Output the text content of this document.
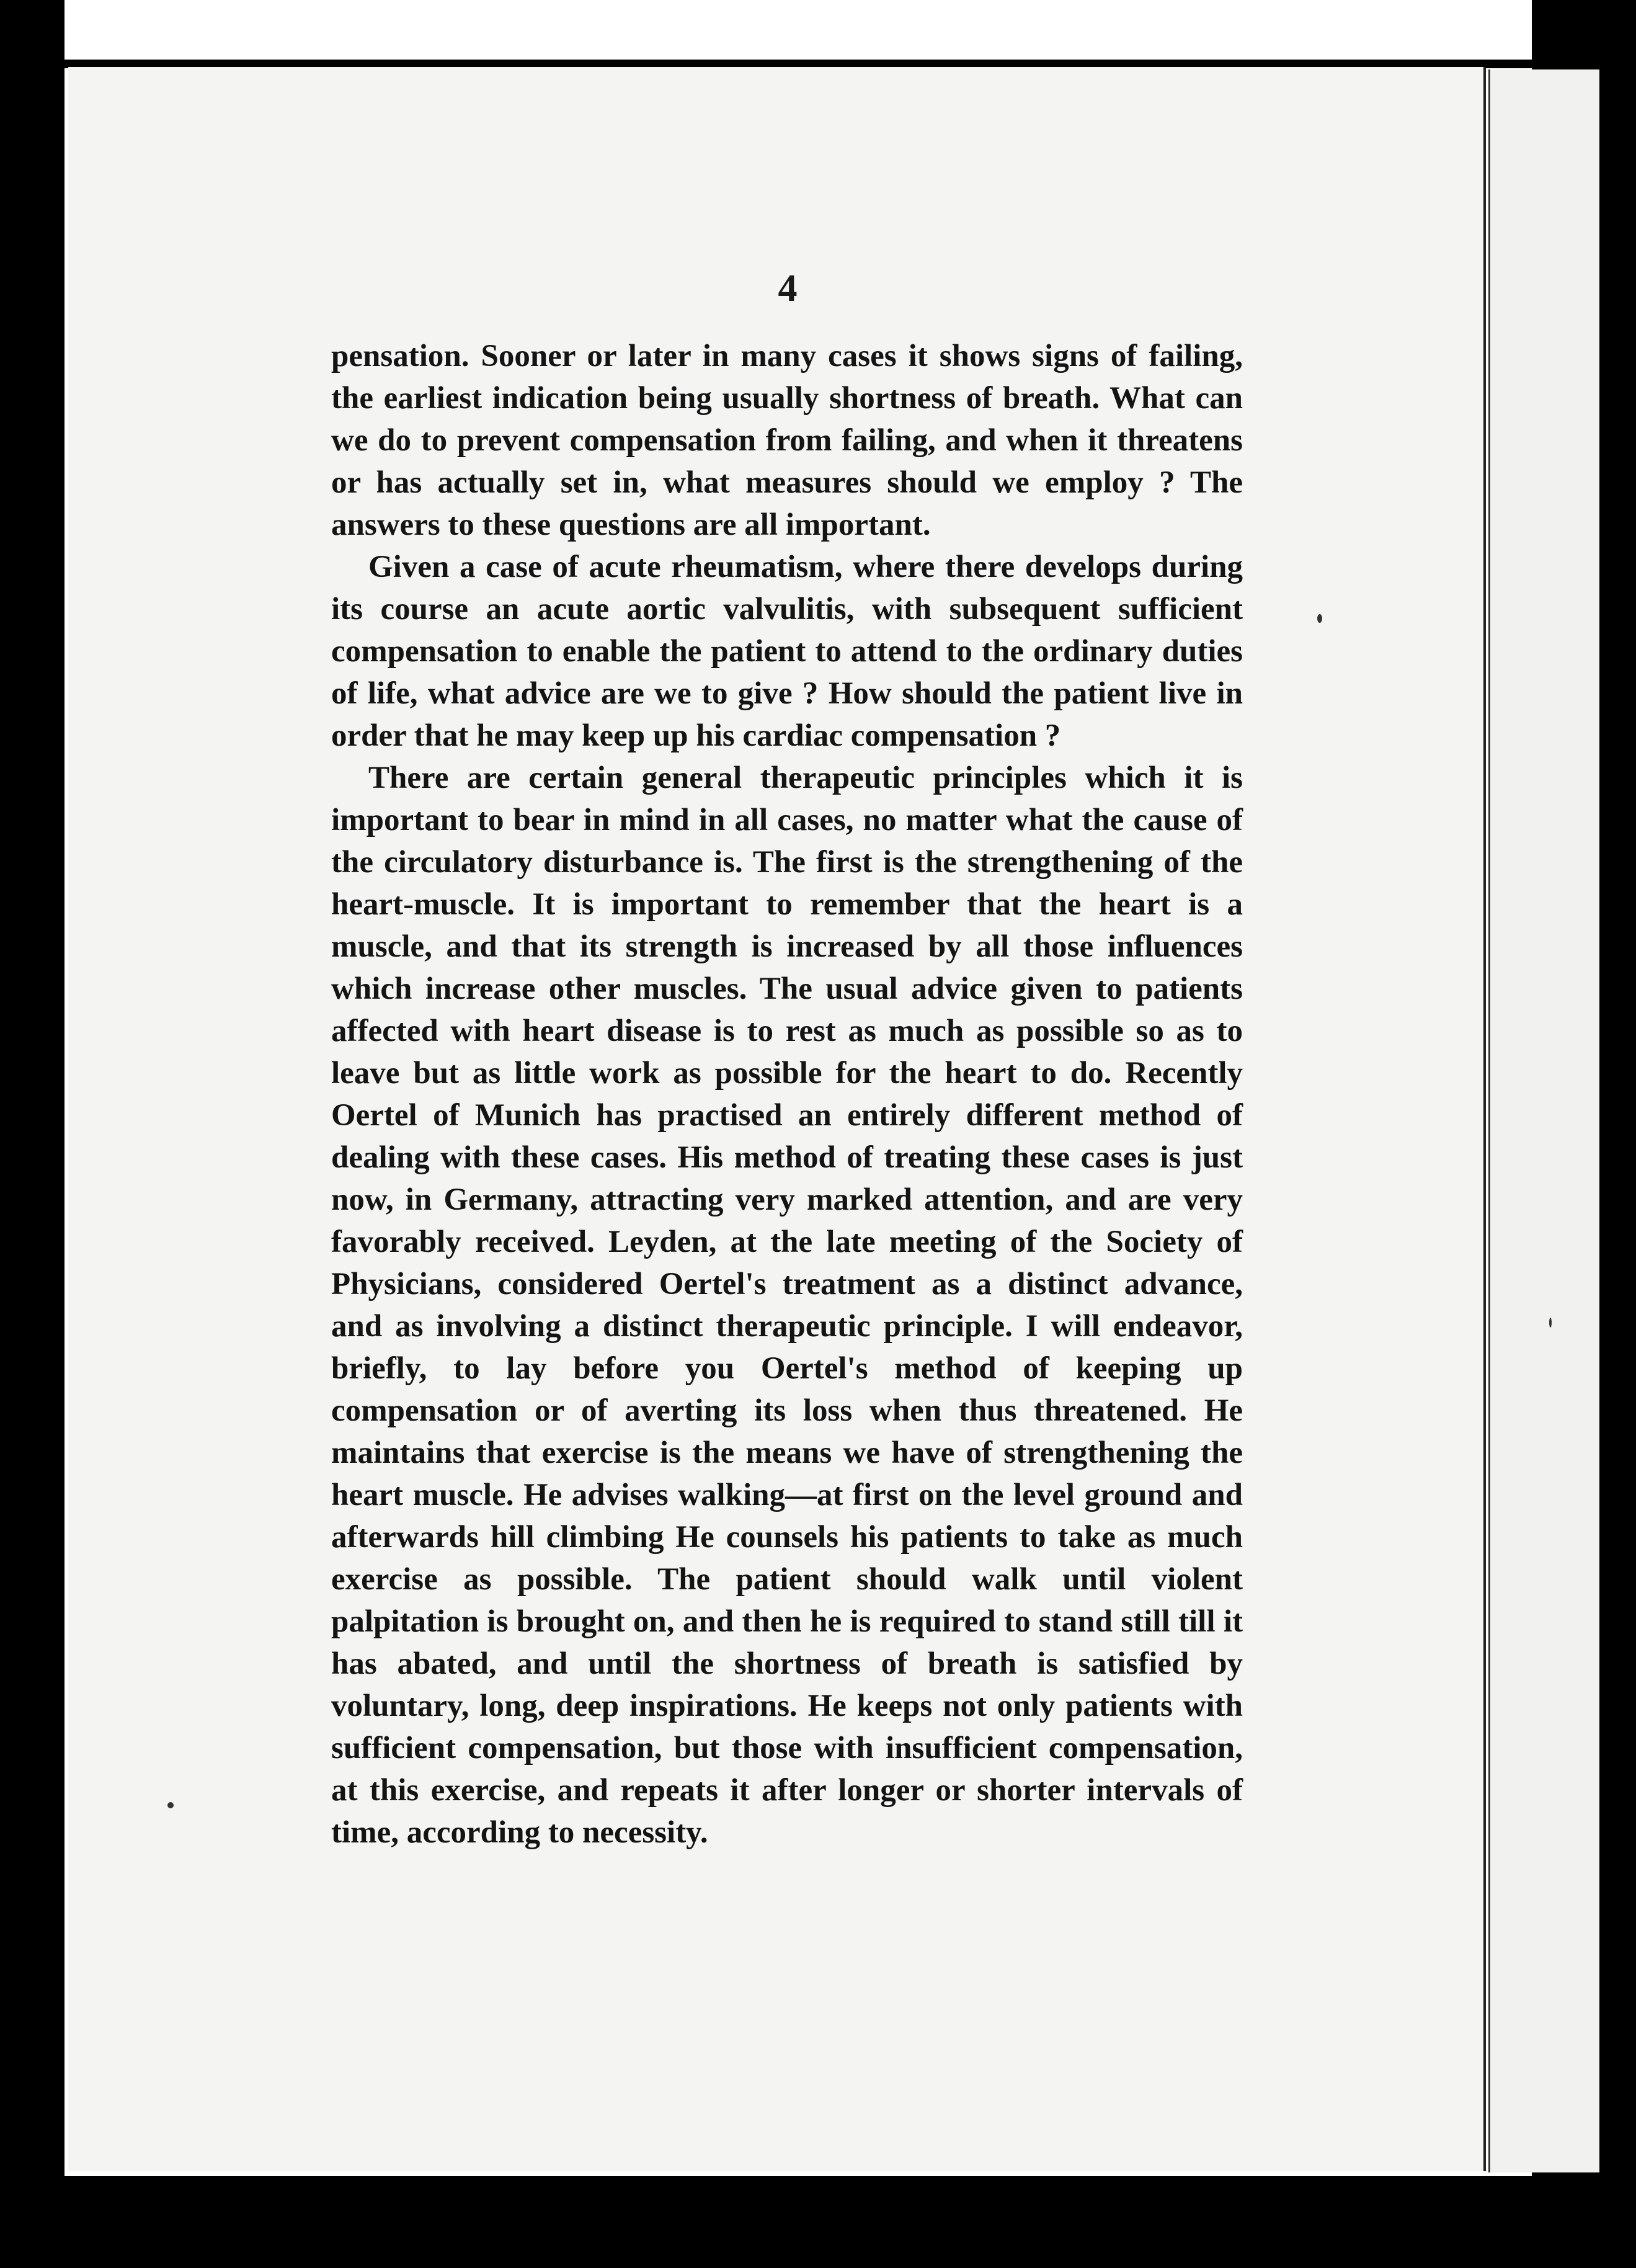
4

pensation. Sooner or later in many cases it shows signs of failing, the earliest indication being usually shortness of breath. What can we do to prevent compensation from failing, and when it threatens or has actually set in, what measures should we employ ? The answers to these questions are all important.

Given a case of acute rheumatism, where there develops during its course an acute aortic valvulitis, with subsequent sufficient compensation to enable the patient to attend to the ordinary duties of life, what advice are we to give ? How should the patient live in order that he may keep up his cardiac compensation ?

There are certain general therapeutic principles which it is important to bear in mind in all cases, no matter what the cause of the circulatory disturbance is. The first is the strengthening of the heart-muscle. It is important to remember that the heart is a muscle, and that its strength is increased by all those influences which increase other muscles. The usual advice given to patients affected with heart disease is to rest as much as possible so as to leave but as little work as possible for the heart to do. Recently Oertel of Munich has practised an entirely different method of dealing with these cases. His method of treating these cases is just now, in Germany, attracting very marked attention, and are very favorably received. Leyden, at the late meeting of the Society of Physicians, considered Oertel's treatment as a distinct advance, and as involving a distinct therapeutic principle. I will endeavor, briefly, to lay before you Oertel's method of keeping up compensation or of averting its loss when thus threatened. He maintains that exercise is the means we have of strengthening the heart muscle. He advises walking—at first on the level ground and afterwards hill climbing He counsels his patients to take as much exercise as possible. The patient should walk until violent palpitation is brought on, and then he is required to stand still till it has abated, and until the shortness of breath is satisfied by voluntary, long, deep inspirations. He keeps not only patients with sufficient compensation, but those with insufficient compensation, at this exercise, and repeats it after longer or shorter intervals of time, according to necessity.
